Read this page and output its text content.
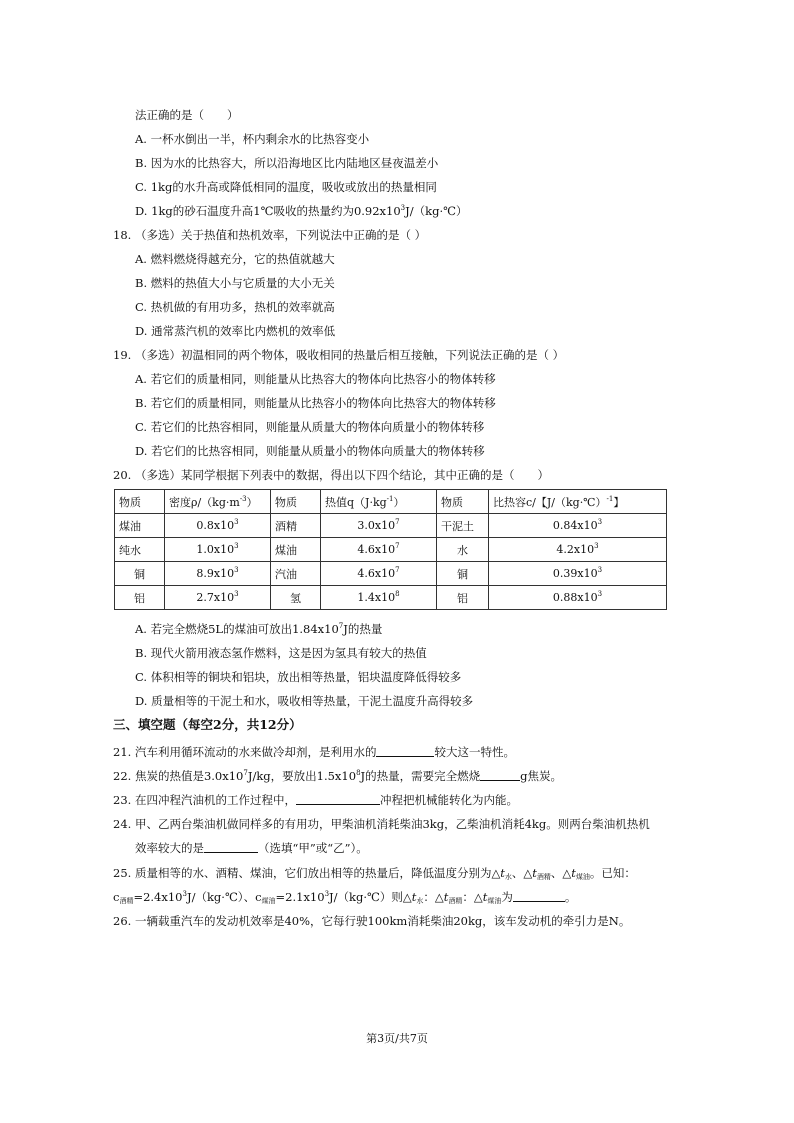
法正确的是（　　）
A. 一杯水倒出一半，杯内剩余水的比热容变小
B. 因为水的比热容大，所以沿海地区比内陆地区昼夜温差小
C. 1kg的水升高或降低相同的温度，吸收或放出的热量相同
D. 1kg的砂石温度升高1℃吸收的热量约为$0.92x10^3J/(kg\cdot℃)$
18. （多选）关于热值和热机效率，下列说法中正确的是（ ）
A. 燃料燃烧得越充分，它的热值就越大
B. 燃料的热值大小与它质量的大小无关
C. 热机做的有用功多，热机的效率就高
D. 通常蒸汽机的效率比内燃机的效率低
19. （多选）初温相同的两个物体，吸收相同的热量后相互接触，下列说法正确的是（ ）
A. 若它们的质量相同，则能量从比热容大的物体向比热容小的物体转移
B. 若它们的质量相同，则能量从比热容小的物体向比热容大的物体转移
C. 若它们的比热容相同，则能量从质量大的物体向质量小的物体转移
D. 若它们的比热容相同，则能量从质量小的物体向质量大的物体转移
20. （多选）某同学根据下列表中的数据，得出以下四个结论，其中正确的是（　　）
物质	密度$\rho/(kg\cdot m^{-3})$	物质	热值$q(J\cdot kg^{-1})$	物质	比热容c/【J/（kg·℃）$^{-1}$】
煤油	$0.8x10^3$	酒精	$3.0x10^7$	干泥土	$0.84x10^3$
纯水	$1.0x10^3$	煤油	$4.6x10^7$	水	$4.2x10^3$
铜	$8.9x10^3$	汽油	$4.6x10^7$	铜	$0.39x10^3$
铝	$2.7x10^3$	氢	$1.4x10^8$	铝	$0.88x10^3$
A. 若完全燃烧5L的煤油可放出$1.84x10^7J$的热量
B. 现代火箭用液态氢作燃料，这是因为氢具有较大的热值
C. 体积相等的铜块和铝块，放出相等热量，铝块温度降低得较多
D. 质量相等的干泥土和水，吸收相等热量，干泥土温度升高得较多
三、填空题（每空2分，共12分）
21. 汽车利用循环流动的水来做冷却剂，是利用水的	较大这一特性。
22. 焦炭的热值是$3.0x10^7J/kg$，要放出$1.5x10^8J$的热量，需要完全燃烧	g焦炭。
23. 在四冲程汽油机的工作过程中，	冲程把机械能转化为内能。
24. 甲、乙两台柴油机做同样多的有用功，甲柴油机消耗柴油3kg，乙柴油机消耗4kg。则两台柴油机热机
效率较大的是	（选填“甲”或“乙”）。
25. 质量相等的水、酒精、煤油，它们放出相等的热量后，降低温度分别为$\triangle t_水$、$\triangle t_{酒精}$、$\triangle t_{煤油}$。已知：
$c_{酒精}=2.4x10^3J/(kg\cdot℃)$、$c_{煤油}=2.1x10^3J/(kg\cdot℃)$则$\triangle t_水$：$\triangle t_{酒精}$：$\triangle t_{煤油}$为	。
26. 一辆载重汽车的发动机效率是40%，它每行驶100km消耗柴油20kg，该车发动机的牵引力是N。
第3页/共7页
